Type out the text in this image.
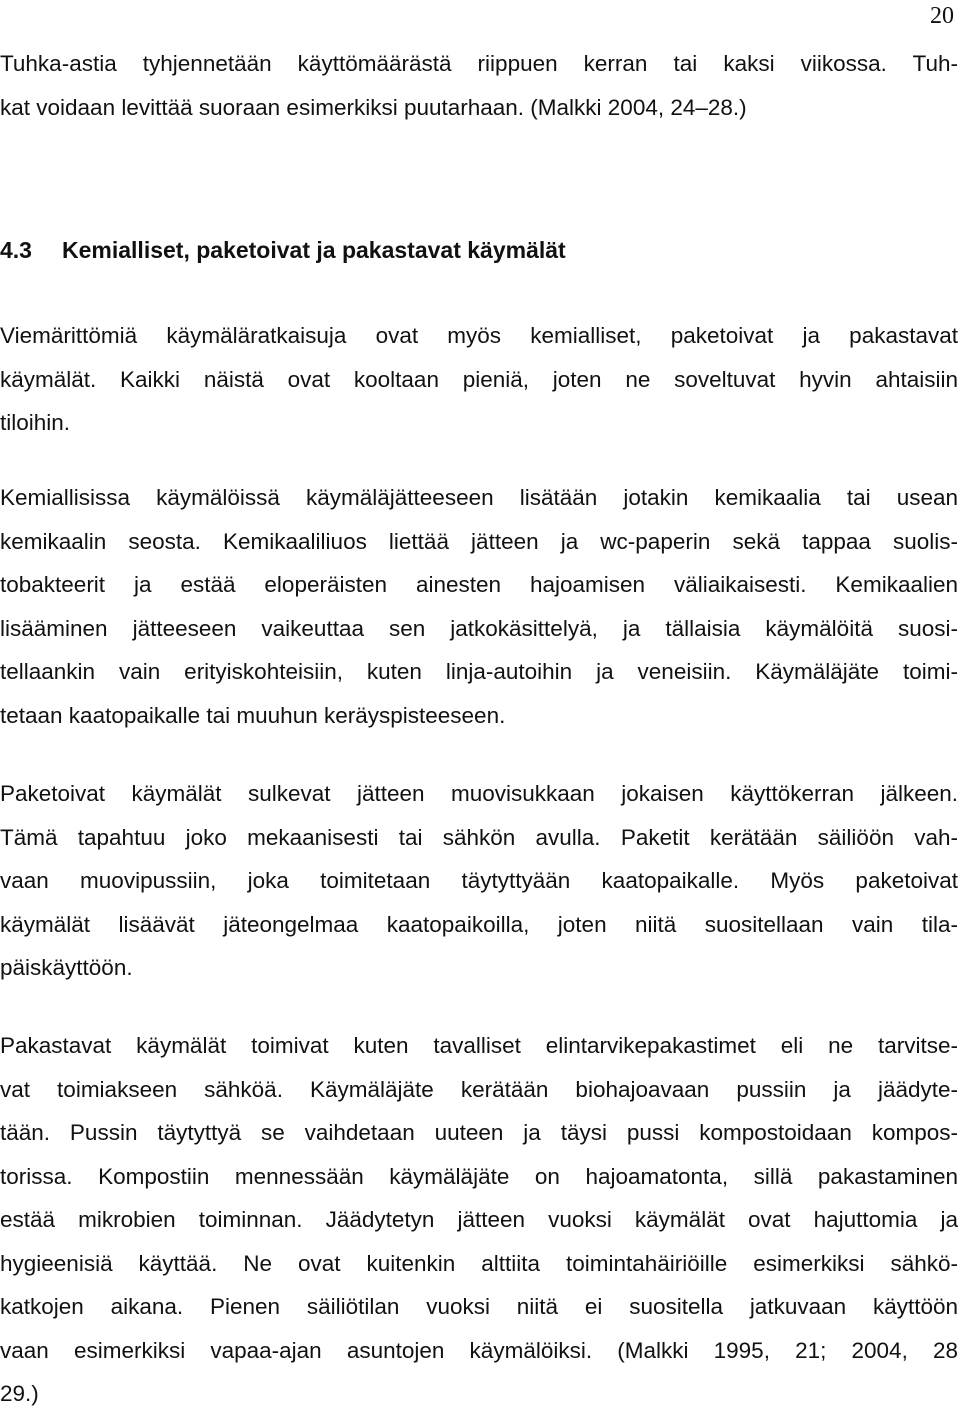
20
Tuhka-astia tyhjennetään käyttömäärästä riippuen kerran tai kaksi viikossa. Tuh-
kat voidaan levittää suoraan esimerkiksi puutarhaan. (Malkki 2004, 24–28.)
4.3 Kemialliset, paketoivat ja pakastavat käymälät
Viemärittömiä käymäläratkaisuja ovat myös kemialliset, paketoivat ja pakastavat
käymälät. Kaikki näistä ovat kooltaan pieniä, joten ne soveltuvat hyvin ahtaisiin
tiloihin.
Kemiallisissa käymälöissä käymäläjätteeseen lisätään jotakin kemikaalia tai usean
kemikaalin seosta. Kemikaaliliuos liettää jätteen ja wc-paperin sekä tappaa suolis-
tobakteerit ja estää eloperäisten ainesten hajoamisen väliaikaisesti. Kemikaalien
lisääminen jätteeseen vaikeuttaa sen jatkokäsittelyä, ja tällaisia käymälöitä suosi-
tellaankin vain erityiskohteisiin, kuten linja-autoihin ja veneisiin. Käymäläjäte toimi-
tetaan kaatopaikalle tai muuhun keräyspisteeseen.
Paketoivat käymälät sulkevat jätteen muovisukkaan jokaisen käyttökerran jälkeen.
Tämä tapahtuu joko mekaanisesti tai sähkön avulla. Paketit kerätään säiliöön vah-
vaan muovipussiin, joka toimitetaan täytyttyään kaatopaikalle. Myös paketoivat
käymälät lisäävät jäteongelmaa kaatopaikoilla, joten niitä suositellaan vain tila-
päiskäyttöön.
Pakastavat käymälät toimivat kuten tavalliset elintarvikepakastimet eli ne tarvitse-
vat toimiakseen sähköä. Käymäläjäte kerätään biohajoavaan pussiin ja jäädyte-
tään. Pussin täytyttyä se vaihdetaan uuteen ja täysi pussi kompostoidaan kompos-
torissa. Kompostiin mennessään käymäläjäte on hajoamatonta, sillä pakastaminen
estää mikrobien toiminnan. Jäädytetyn jätteen vuoksi käymälät ovat hajuttomia ja
hygieenisiä käyttää. Ne ovat kuitenkin alttiita toimintahäiriöille esimerkiksi sähkö-
katkojen aikana. Pienen säiliötilan vuoksi niitä ei suositella jatkuvaan käyttöön
vaan esimerkiksi vapaa-ajan asuntojen käymälöiksi. (Malkki 1995, 21; 2004, 28
29.)
